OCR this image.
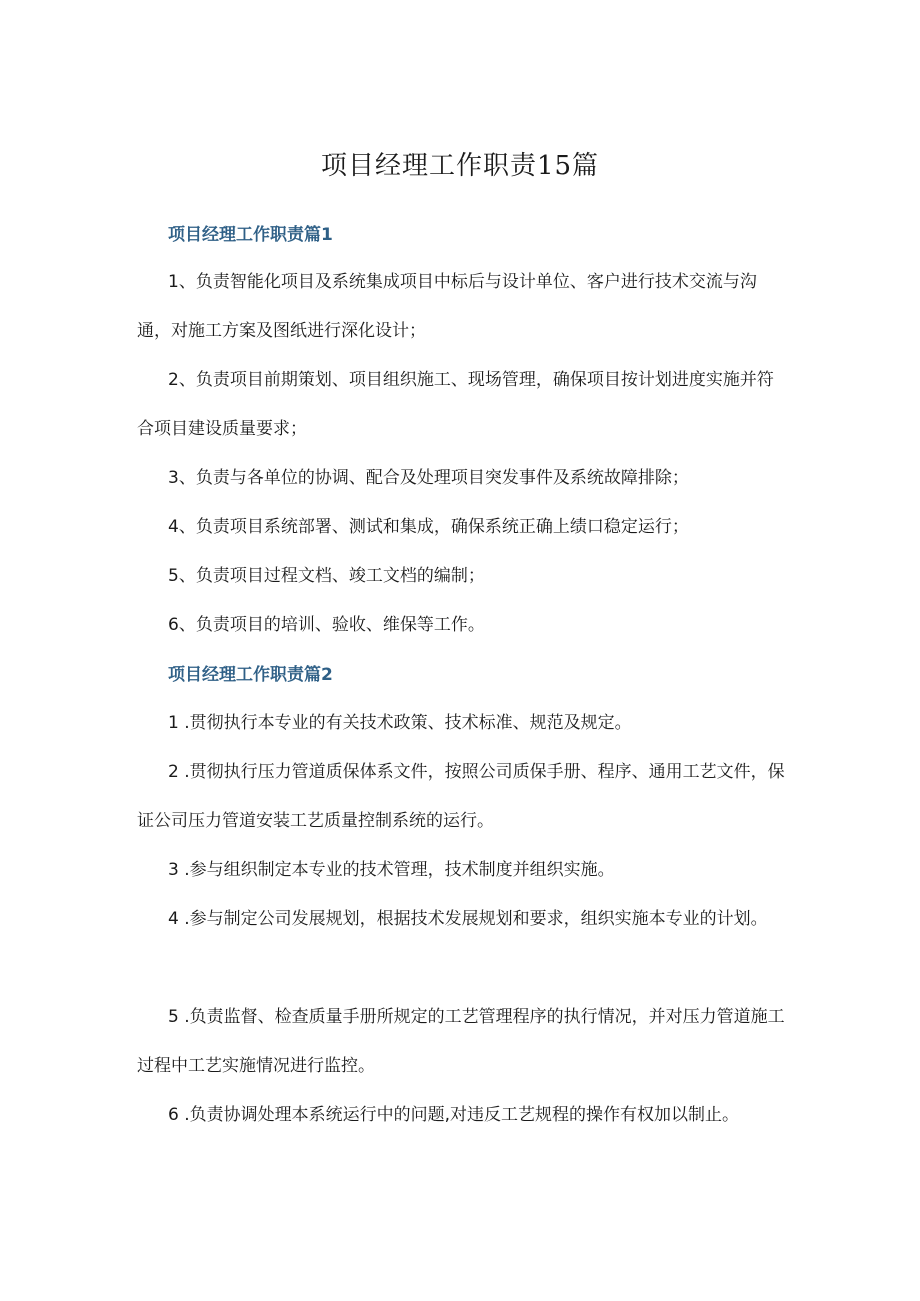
项目经理工作职责15篇
项目经理工作职责篇1
1、负责智能化项目及系统集成项目中标后与设计单位、客户进行技术交流与沟通，对施工方案及图纸进行深化设计；
2、负责项目前期策划、项目组织施工、现场管理，确保项目按计划进度实施并符合项目建设质量要求；
3、负责与各单位的协调、配合及处理项目突发事件及系统故障排除；
4、负责项目系统部署、测试和集成，确保系统正确上绩口稳定运行；
5、负责项目过程文档、竣工文档的编制；
6、负责项目的培训、验收、维保等工作。
项目经理工作职责篇2
1 .贯彻执行本专业的有关技术政策、技术标准、规范及规定。
2 .贯彻执行压力管道质保体系文件，按照公司质保手册、程序、通用工艺文件，保证公司压力管道安装工艺质量控制系统的运行。
3 .参与组织制定本专业的技术管理，技术制度并组织实施。
4 .参与制定公司发展规划，根据技术发展规划和要求，组织实施本专业的计划。
5 .负责监督、检查质量手册所规定的工艺管理程序的执行情况，并对压力管道施工过程中工艺实施情况进行监控。
6 .负责协调处理本系统运行中的问题,对违反工艺规程的操作有权加以制止。
